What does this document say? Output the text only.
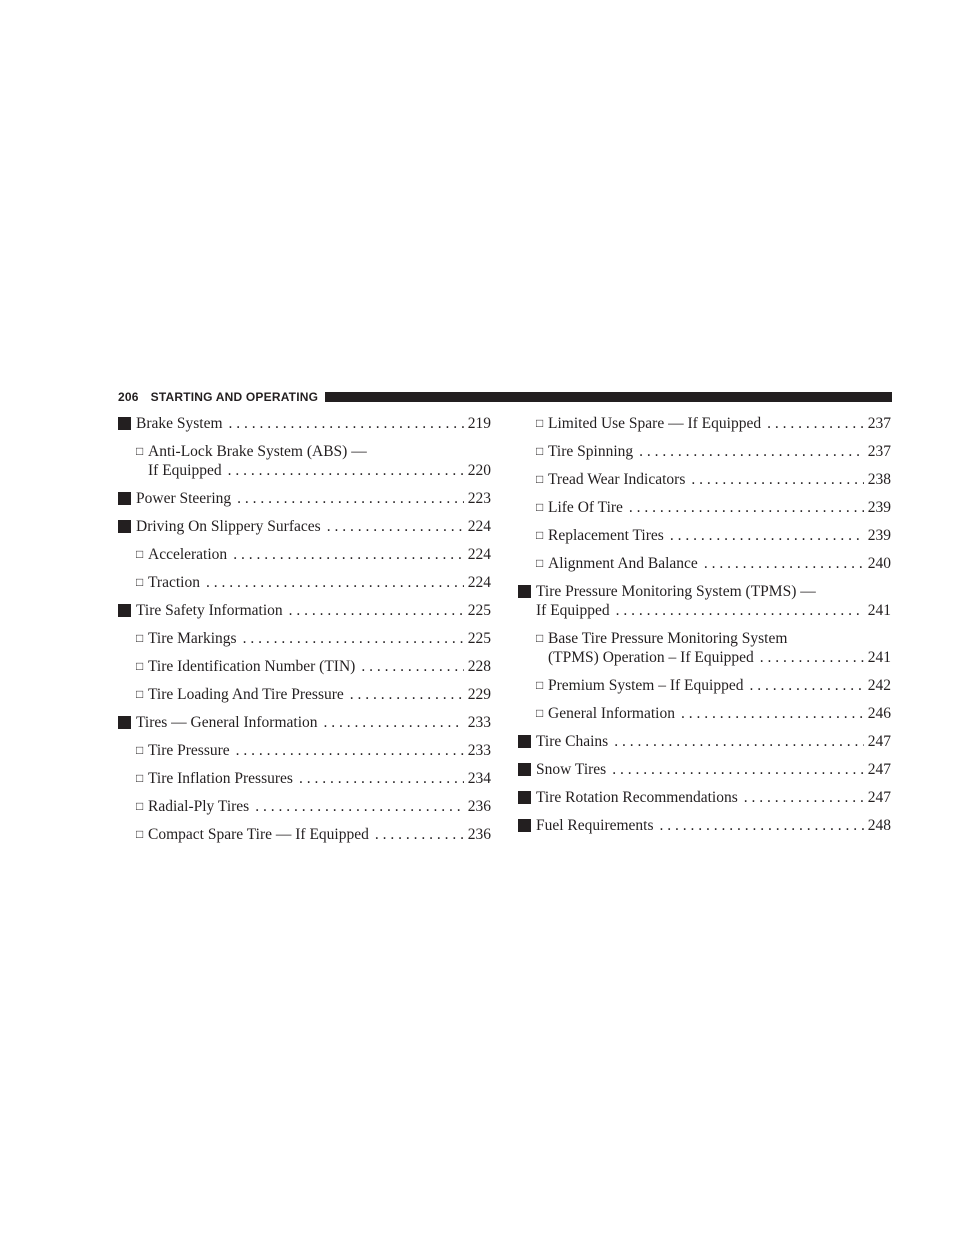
206 STARTING AND OPERATING
Brake System . . .	219
□ Anti-Lock Brake System (ABS) —
If Equipped . . .	220
Power Steering . . .	223
Driving On Slippery Surfaces . . .	224
□ Acceleration . . .	224
□ Traction . . .	224
Tire Safety Information . . .	225
□ Tire Markings . . .	225
□ Tire Identification Number (TIN) . . .	228
□ Tire Loading And Tire Pressure . . .	229
Tires — General Information . . .	233
□ Tire Pressure . . .	233
□ Tire Inflation Pressures . . .	234
□ Radial-Ply Tires . . .	236
□ Compact Spare Tire — If Equipped . . .	236
□ Limited Use Spare — If Equipped . . .	237
□ Tire Spinning . . .	237
□ Tread Wear Indicators . . .	238
□ Life Of Tire . . .	239
□ Replacement Tires . . .	239
□ Alignment And Balance . . .	240
Tire Pressure Monitoring System (TPMS) —
If Equipped . . .	241
□ Base Tire Pressure Monitoring System
(TPMS) Operation – If Equipped . . .	241
□ Premium System – If Equipped . . .	242
□ General Information . . .	246
Tire Chains . . .	247
Snow Tires . . .	247
Tire Rotation Recommendations . . .	247
Fuel Requirements . . .	248
